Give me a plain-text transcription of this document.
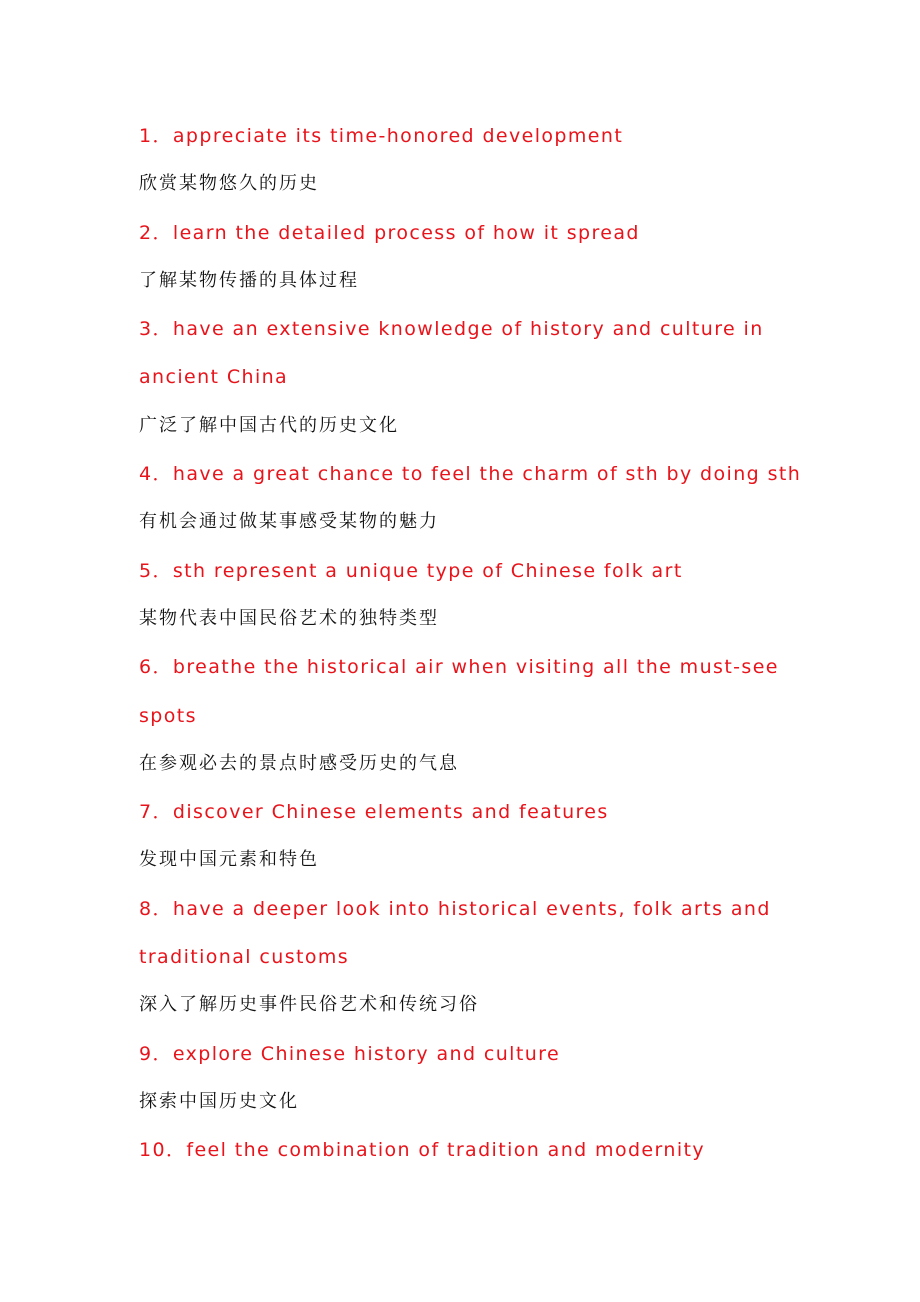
1．appreciate its time-honored development
欣赏某物悠久的历史
2．learn the detailed process of how it spread
了解某物传播的具体过程
3．have an extensive knowledge of history and culture in
ancient China
广泛了解中国古代的历史文化
4．have a great chance to feel the charm of sth by doing sth
有机会通过做某事感受某物的魅力
5．sth represent a unique type of Chinese folk art
某物代表中国民俗艺术的独特类型
6．breathe the historical air when visiting all the must-see
spots
在参观必去的景点时感受历史的气息
7．discover Chinese elements and features
发现中国元素和特色
8．have a deeper look into historical events, folk arts and
traditional customs
深入了解历史事件民俗艺术和传统习俗
9．explore Chinese history and culture
探索中国历史文化
10．feel the combination of tradition and modernity
